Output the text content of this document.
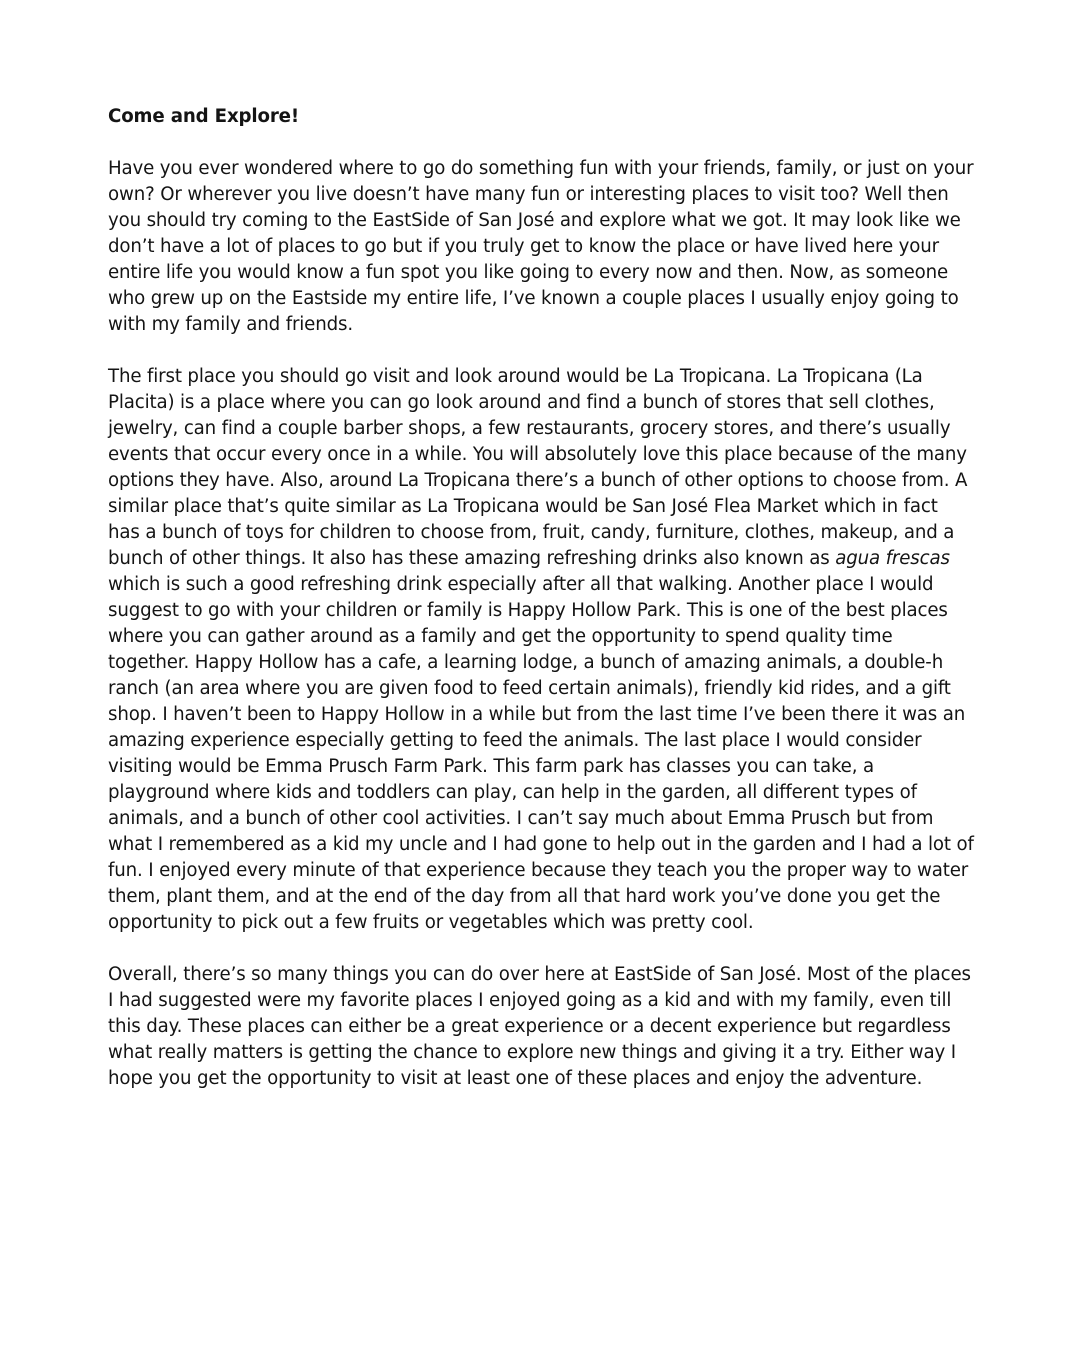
Come and Explore!

Have you ever wondered where to go do something fun with your friends, family, or just on your own? Or wherever you live doesn’t have many fun or interesting places to visit too? Well then you should try coming to the EastSide of San José and explore what we got. It may look like we don’t have a lot of places to go but if you truly get to know the place or have lived here your entire life you would know a fun spot you like going to every now and then. Now, as someone who grew up on the Eastside my entire life, I’ve known a couple places I usually enjoy going to with my family and friends.

The first place you should go visit and look around would be La Tropicana. La Tropicana (La Placita) is a place where you can go look around and find a bunch of stores that sell clothes, jewelry, can find a couple barber shops, a few restaurants, grocery stores, and there’s usually events that occur every once in a while. You will absolutely love this place because of the many options they have. Also, around La Tropicana there’s a bunch of other options to choose from. A similar place that’s quite similar as La Tropicana would be San José Flea Market which in fact has a bunch of toys for children to choose from, fruit, candy, furniture, clothes, makeup, and a bunch of other things. It also has these amazing refreshing drinks also known as agua frescas which is such a good refreshing drink especially after all that walking. Another place I would suggest to go with your children or family is Happy Hollow Park. This is one of the best places where you can gather around as a family and get the opportunity to spend quality time together. Happy Hollow has a cafe, a learning lodge, a bunch of amazing animals, a double-h ranch (an area where you are given food to feed certain animals), friendly kid rides, and a gift shop. I haven’t been to Happy Hollow in a while but from the last time I’ve been there it was an amazing experience especially getting to feed the animals. The last place I would consider visiting would be Emma Prusch Farm Park. This farm park has classes you can take, a playground where kids and toddlers can play, can help in the garden, all different types of animals, and a bunch of other cool activities. I can’t say much about Emma Prusch but from what I remembered as a kid my uncle and I had gone to help out in the garden and I had a lot of fun. I enjoyed every minute of that experience because they teach you the proper way to water them, plant them, and at the end of the day from all that hard work you’ve done you get the opportunity to pick out a few fruits or vegetables which was pretty cool.

Overall, there’s so many things you can do over here at EastSide of San José. Most of the places I had suggested were my favorite places I enjoyed going as a kid and with my family, even till this day. These places can either be a great experience or a decent experience but regardless what really matters is getting the chance to explore new things and giving it a try. Either way I hope you get the opportunity to visit at least one of these places and enjoy the adventure.
